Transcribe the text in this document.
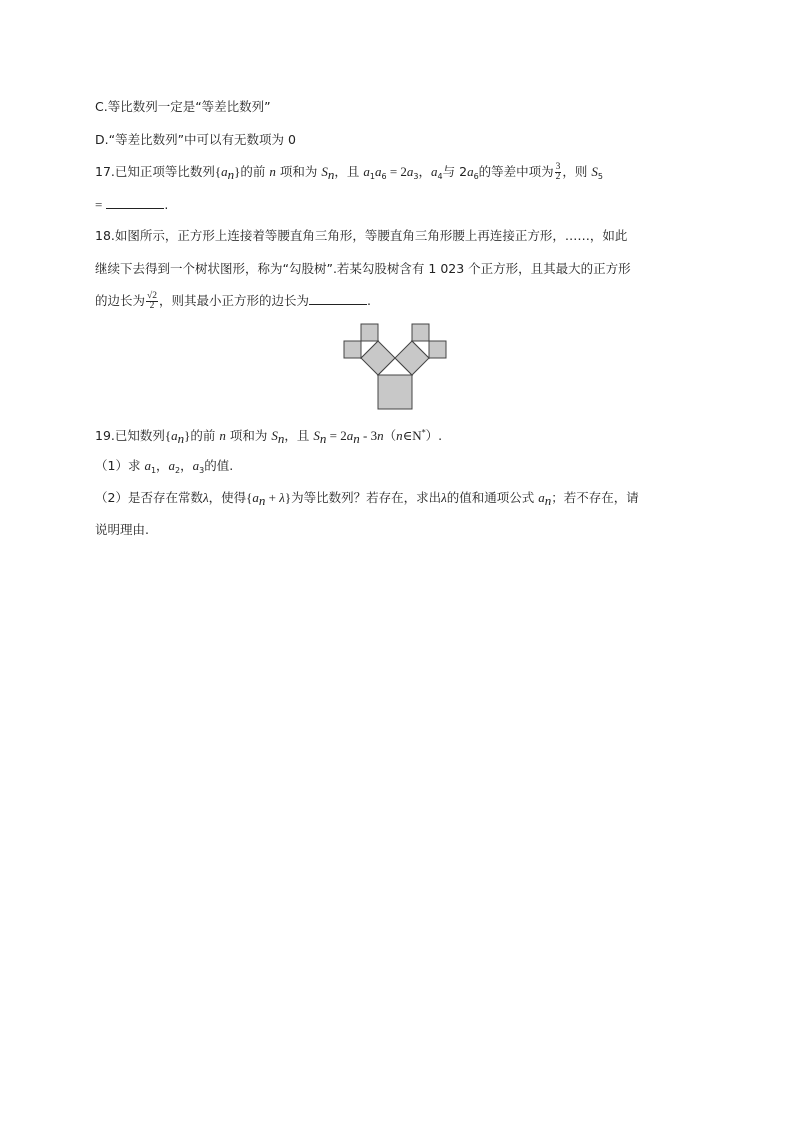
C.等比数列一定是“等差比数列”
D.“等差比数列”中可以有无数项为 0
17.已知正项等比数列$\{a_n\}$的前 n 项和为 $S_n$，且 $a_1a_6 = 2a_3$，$a_4$与 $2a_6$的等差中项为 $\frac{3}{2}$ ，则 $S_5$
=	.
18.如图所示，正方形上连接着等腰直角三角形，等腰直角三角形腰上再连接正方形，……，如此
继续下去得到一个树状图形，称为“勾股树”.若某勾股树含有 1 023 个正方形，且其最大的正方形
的边长为 $\frac{√2}{2}$ ，则其最小正方形的边长为	.
19.已知数列$\{a_n\}$的前 n 项和为 $S_n$，且 $S_n = 2a_n$ - 3n（n∈N*）.
（1）求 $a_1$，$a_2$，$a_3$的值.
（2）是否存在常数λ，使得$\{a_n + \lambda\}$为等比数列？若存在，求出λ的值和通项公式 $a_n$；若不存在，请
说明理由.
